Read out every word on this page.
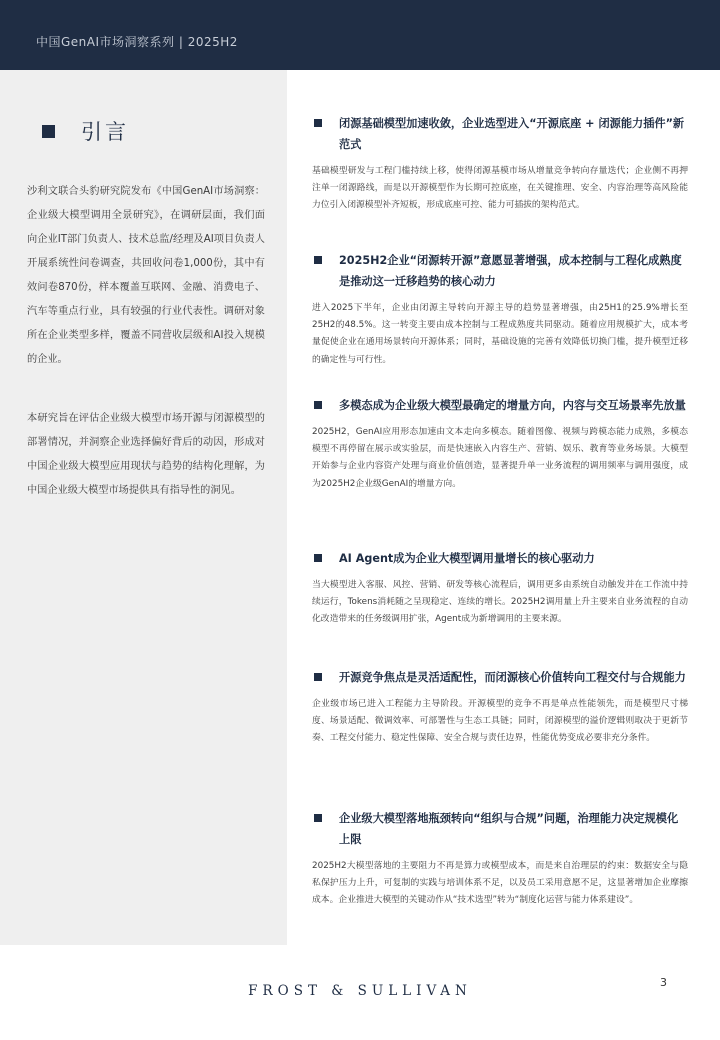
中国GenAI市场洞察系列 | 2025H2
引言
沙利文联合头豹研究院发布《中国GenAI市场洞察：企业级大模型调用全景研究》，在调研层面，我们面向企业IT部门负责人、技术总监/经理及AI项目负责人开展系统性问卷调查，共回收问卷1,000份，其中有效问卷870份，样本覆盖互联网、金融、消费电子、汽车等重点行业，具有较强的行业代表性。调研对象所在企业类型多样，覆盖不同营收层级和AI投入规模的企业。
本研究旨在评估企业级大模型市场开源与闭源模型的部署情况，并洞察企业选择偏好背后的动因，形成对中国企业级大模型应用现状与趋势的结构化理解，为中国企业级大模型市场提供具有指导性的洞见。
闭源基础模型加速收敛，企业选型进入“开源底座 + 闭源能力插件”新范式
基础模型研发与工程门槛持续上移，使得闭源基模市场从增量竞争转向存量迭代；企业侧不再押注单一闭源路线，而是以开源模型作为长期可控底座，在关键推理、安全、内容治理等高风险能力位引入闭源模型补齐短板，形成底座可控、能力可插拔的架构范式。
2025H2企业“闭源转开源”意愿显著增强，成本控制与工程化成熟度是推动这一迁移趋势的核心动力
进入2025下半年，企业由闭源主导转向开源主导的趋势显著增强，由25H1的25.9%增长至25H2的48.5%。这一转变主要由成本控制与工程成熟度共同驱动。随着应用规模扩大，成本考量促使企业在通用场景转向开源体系；同时，基础设施的完善有效降低切换门槛，提升模型迁移的确定性与可行性。
多模态成为企业级大模型最确定的增量方向，内容与交互场景率先放量
2025H2，GenAI应用形态加速由文本走向多模态。随着图像、视频与跨模态能力成熟，多模态模型不再停留在展示或实验层，而是快速嵌入内容生产、营销、娱乐、教育等业务场景。大模型开始参与企业内容资产处理与商业价值创造，显著提升单一业务流程的调用频率与调用强度，成为2025H2企业级GenAI的增量方向。
AI Agent成为企业大模型调用量增长的核心驱动力
当大模型进入客服、风控、营销、研发等核心流程后，调用更多由系统自动触发并在工作流中持续运行，Tokens消耗随之呈现稳定、连续的增长。2025H2调用量上升主要来自业务流程的自动化改造带来的任务级调用扩张，Agent成为新增调用的主要来源。
开源竞争焦点是灵活适配性，而闭源核心价值转向工程交付与合规能力
企业级市场已进入工程能力主导阶段。开源模型的竞争不再是单点性能领先，而是模型尺寸梯度、场景适配、微调效率、可部署性与生态工具链；同时，闭源模型的溢价逻辑则取决于更新节奏、工程交付能力、稳定性保障、安全合规与责任边界，性能优势变成必要非充分条件。
企业级大模型落地瓶颈转向“组织与合规”问题，治理能力决定规模化上限
2025H2大模型落地的主要阻力不再是算力或模型成本，而是来自治理层的约束：数据安全与隐私保护压力上升，可复制的实践与培训体系不足，以及员工采用意愿不足，这显著增加企业摩擦成本。企业推进大模型的关键动作从“技术选型”转为“制度化运营与能力体系建设”。
FROST & SULLIVAN
3
